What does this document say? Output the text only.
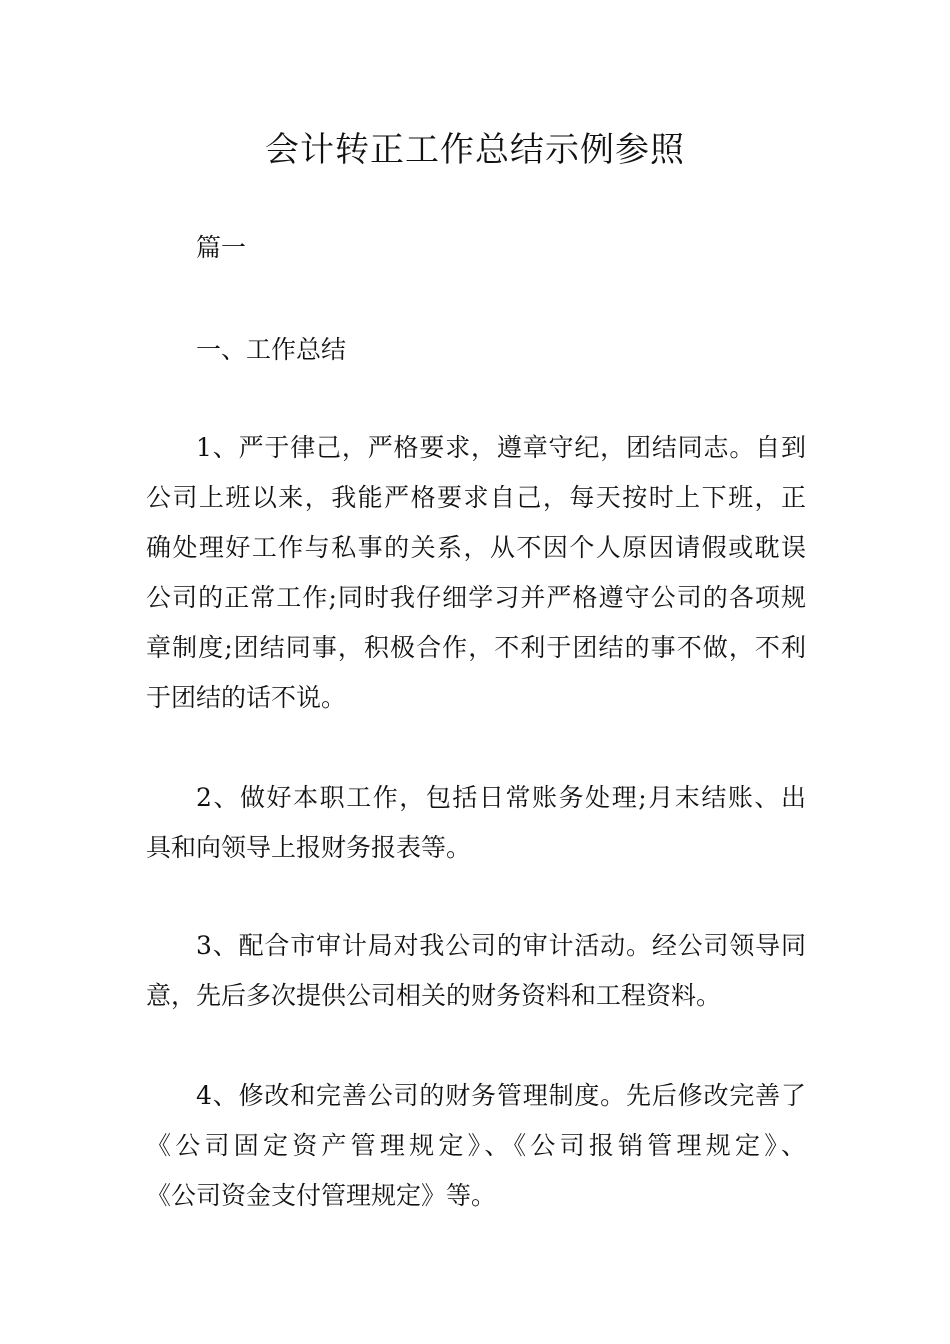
会计转正工作总结示例参照

篇一

一、工作总结

1、严于律己，严格要求，遵章守纪，团结同志。自到

公司上班以来，我能严格要求自己，每天按时上下班，正

确处理好工作与私事的关系，从不因个人原因请假或耽误

公司的正常工作;同时我仔细学习并严格遵守公司的各项规

章制度;团结同事，积极合作，不利于团结的事不做，不利

于团结的话不说。

2、做好本职工作，包括日常账务处理;月末结账、出

具和向领导上报财务报表等。

3、配合市审计局对我公司的审计活动。经公司领导同

意，先后多次提供公司相关的财务资料和工程资料。

4、修改和完善公司的财务管理制度。先后修改完善了

《公司固定资产管理规定》、《公司报销管理规定》、

《公司资金支付管理规定》等。
